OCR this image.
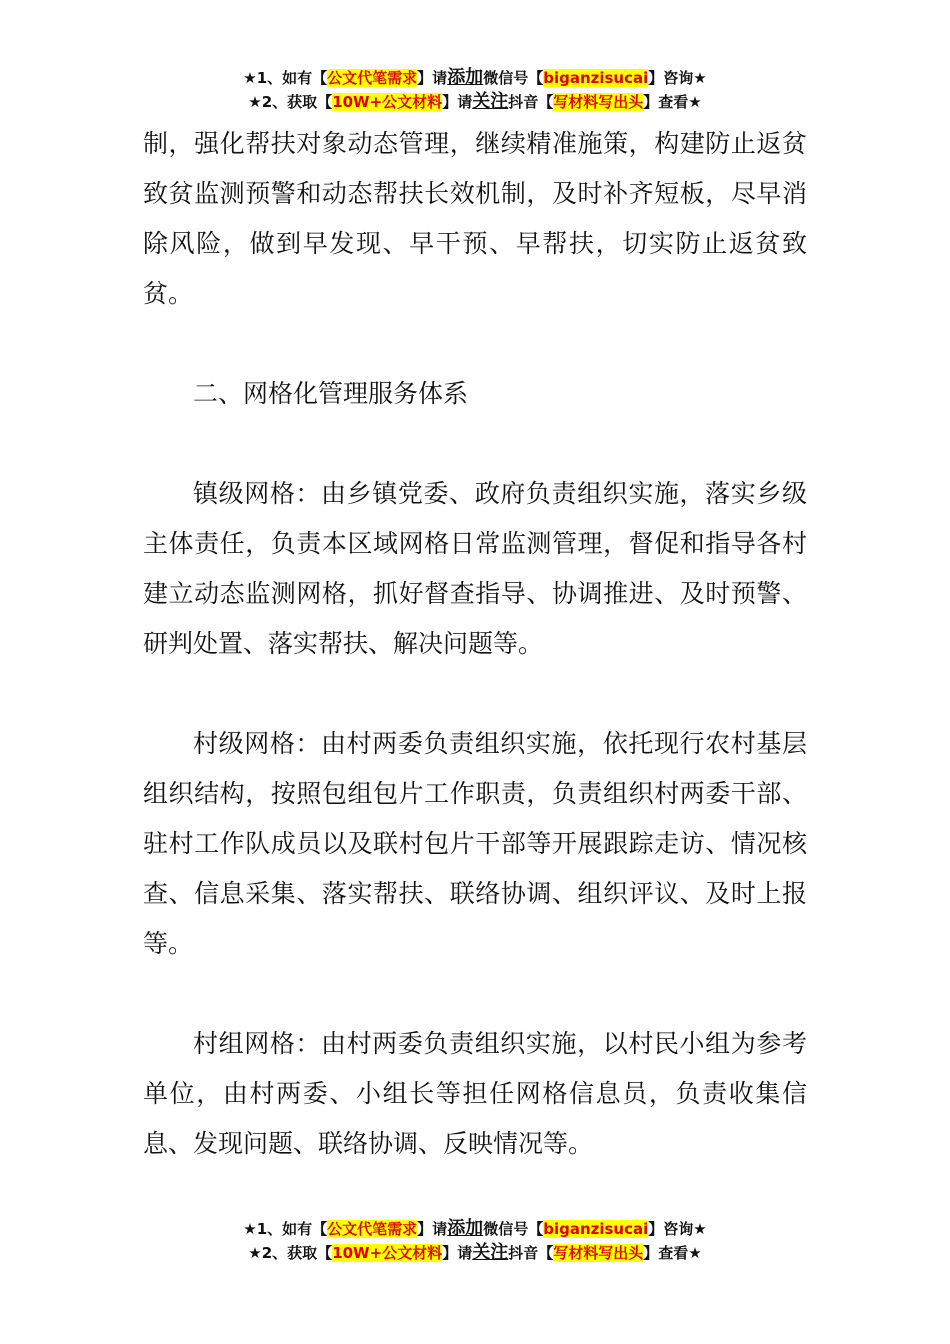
★1、如有【公文代笔需求】请添加微信号【biganzisucai】咨询★
★2、获取【10W+公文材料】请关注抖音【写材料写出头】查看★

制，强化帮扶对象动态管理，继续精准施策，构建防止返贫致贫监测预警和动态帮扶长效机制，及时补齐短板，尽早消除风险，做到早发现、早干预、早帮扶，切实防止返贫致贫。

二、网格化管理服务体系

镇级网格：由乡镇党委、政府负责组织实施，落实乡级主体责任，负责本区域网格日常监测管理，督促和指导各村建立动态监测网格，抓好督查指导、协调推进、及时预警、研判处置、落实帮扶、解决问题等。

村级网格：由村两委负责组织实施，依托现行农村基层组织结构，按照包组包片工作职责，负责组织村两委干部、驻村工作队成员以及联村包片干部等开展跟踪走访、情况核查、信息采集、落实帮扶、联络协调、组织评议、及时上报等。

村组网格：由村两委负责组织实施，以村民小组为参考单位，由村两委、小组长等担任网格信息员，负责收集信息、发现问题、联络协调、反映情况等。

★1、如有【公文代笔需求】请添加微信号【biganzisucai】咨询★
★2、获取【10W+公文材料】请关注抖音【写材料写出头】查看★
